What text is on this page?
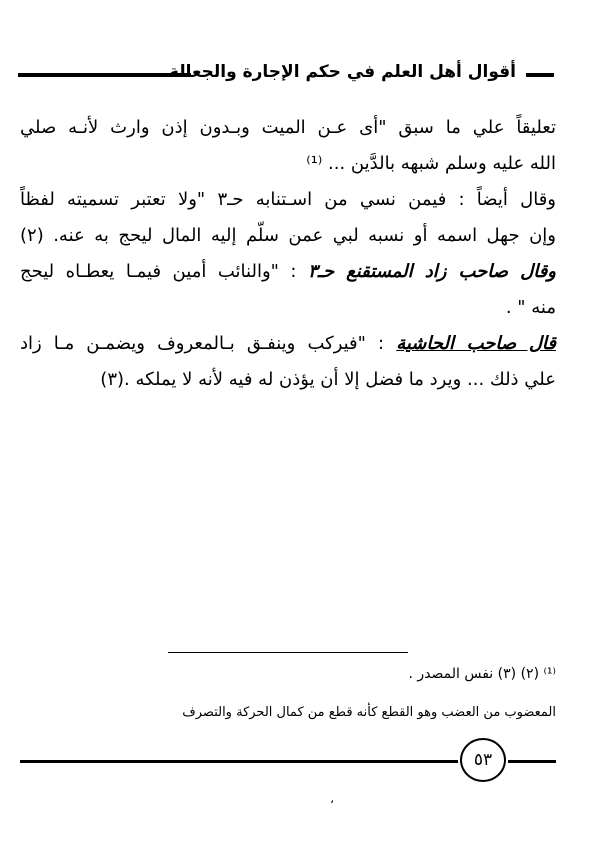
أقوال أهل العلم في حكم الإجارة والجعالة
تعليقاً علي ما سبق "أى عـن الميت وبـدون إذن وارث لأنـه صلي
الله عليه وسلم شبهه بالدَّين ... ⁽¹⁾
وقال أيضاً : فيمن نسي من اسـتنابه حـ٣ "ولا تعتبر تسميته لفظاً
وإن جهل اسمه أو نسبه لبي عمن سلّم إليه المال ليحج به عنه. (٢)
وقال صاحب زاد المستقنع حـ٣ : "والنائب أمين فيمـا يعطـاه ليحج
منه " .
قال صاحب الحاشية : "فيركب وينفـق بـالمعروف ويضمـن مـا زاد
علي ذلك ... ويرد ما فضل إلا أن يؤذن له فيه لأنه لا يملكه .(٣)
⁽¹⁾ (٢) (٣) نفس المصدر .
المعضوب من العضب وهو القطع كأنه قطع من كمال الحركة والتصرف
٥٣
،
